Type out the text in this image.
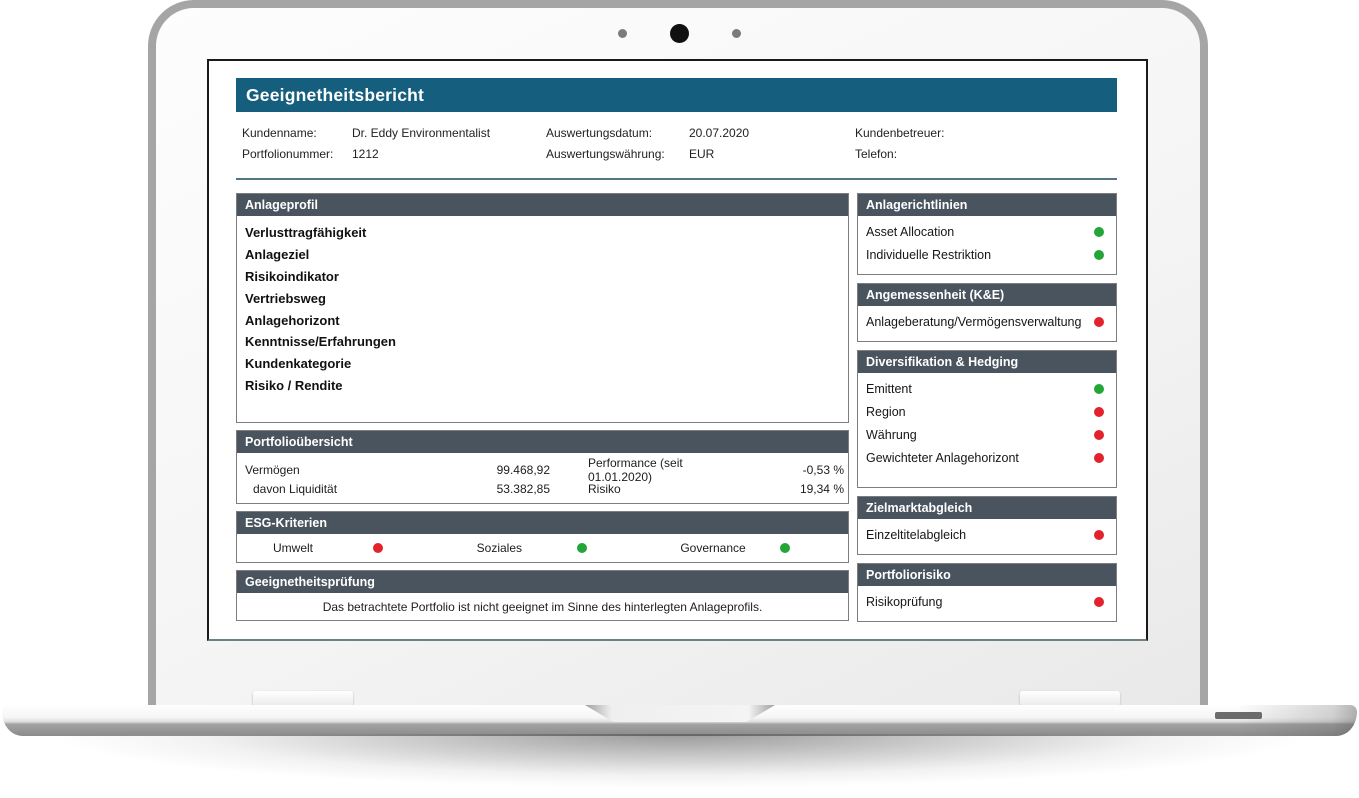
Geeignetheitsbericht
Kundenname:	Dr. Eddy Environmentalist	Auswertungsdatum:	20.07.2020	Kundenbetreuer:
Portfolionummer:	1212	Auswertungswährung:	EUR	Telefon:
Anlageprofil
Verlusttragfähigkeit
Anlageziel
Risikoindikator
Vertriebsweg
Anlagehorizont
Kenntnisse/Erfahrungen
Kundenkategorie
Risiko / Rendite
Portfolioübersicht
Vermögen	99.468,92	Performance (seit 01.01.2020)	-0,53 %
davon Liquidität	53.382,85	Risiko	19,34 %
ESG-Kriterien
Umwelt	Soziales	Governance
Geeignetheitsprüfung
Das betrachtete Portfolio ist nicht geeignet im Sinne des hinterlegten Anlageprofils.
Anlagerichtlinien
Asset Allocation
Individuelle Restriktion
Angemessenheit (K&E)
Anlageberatung/Vermögensverwaltung
Diversifikation & Hedging
Emittent
Region
Währung
Gewichteter Anlagehorizont
Zielmarktabgleich
Einzeltitelabgleich
Portfoliorisiko
Risikoprüfung
